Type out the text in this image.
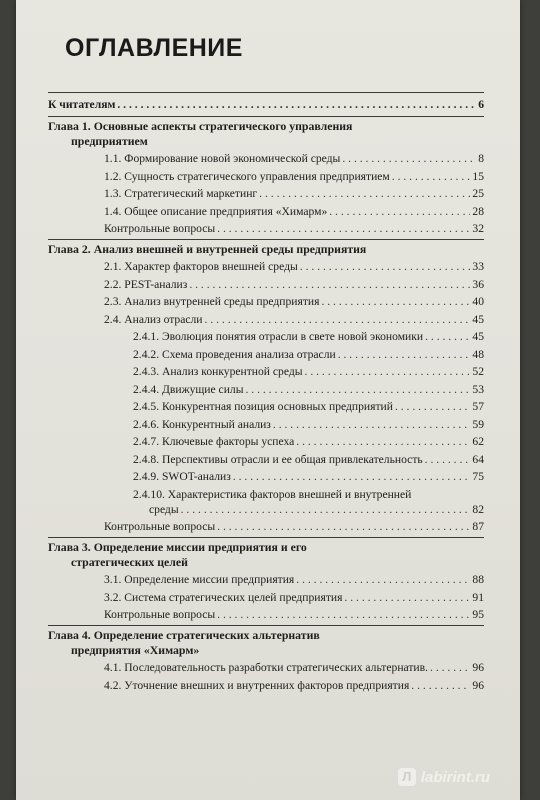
ОГЛАВЛЕНИЕ
К читателям . . .	6
Глава 1. Основные аспекты стратегического управления
предприятием
1.1. Формирование новой экономической среды . . .	8
1.2. Сущность стратегического управления предприятием . . .	15
1.3. Стратегический маркетинг . . .	25
1.4. Общее описание предприятия «Химарм» . . .	28
Контрольные вопросы . . .	32
Глава 2. Анализ внешней и внутренней среды предприятия
2.1. Характер факторов внешней среды . . .	33
2.2. PEST-анализ . . .	36
2.3. Анализ внутренней среды предприятия . . .	40
2.4. Анализ отрасли . . .	45
2.4.1. Эволюция понятия отрасли в свете новой экономики . . .	45
2.4.2. Схема проведения анализа отрасли . . .	48
2.4.3. Анализ конкурентной среды . . .	52
2.4.4. Движущие силы . . .	53
2.4.5. Конкурентная позиция основных предприятий . . .	57
2.4.6. Конкурентный анализ . . .	59
2.4.7. Ключевые факторы успеха . . .	62
2.4.8. Перспективы отрасли и ее общая привлекательность . . .	64
2.4.9. SWOT-анализ . . .	75
2.4.10. Характеристика факторов внешней и внутренней
среды . . .	82
Контрольные вопросы . . .	87
Глава 3. Определение миссии предприятия и его
стратегических целей
3.1. Определение миссии предприятия . . .	88
3.2. Система стратегических целей предприятия . . .	91
Контрольные вопросы . . .	95
Глава 4. Определение стратегических альтернатив
предприятия «Химарм»
4.1. Последовательность разработки стратегических альтернатив. . . .	96
4.2. Уточнение внешних и внутренних факторов предприятия . . .	96
Л labirint.ru
